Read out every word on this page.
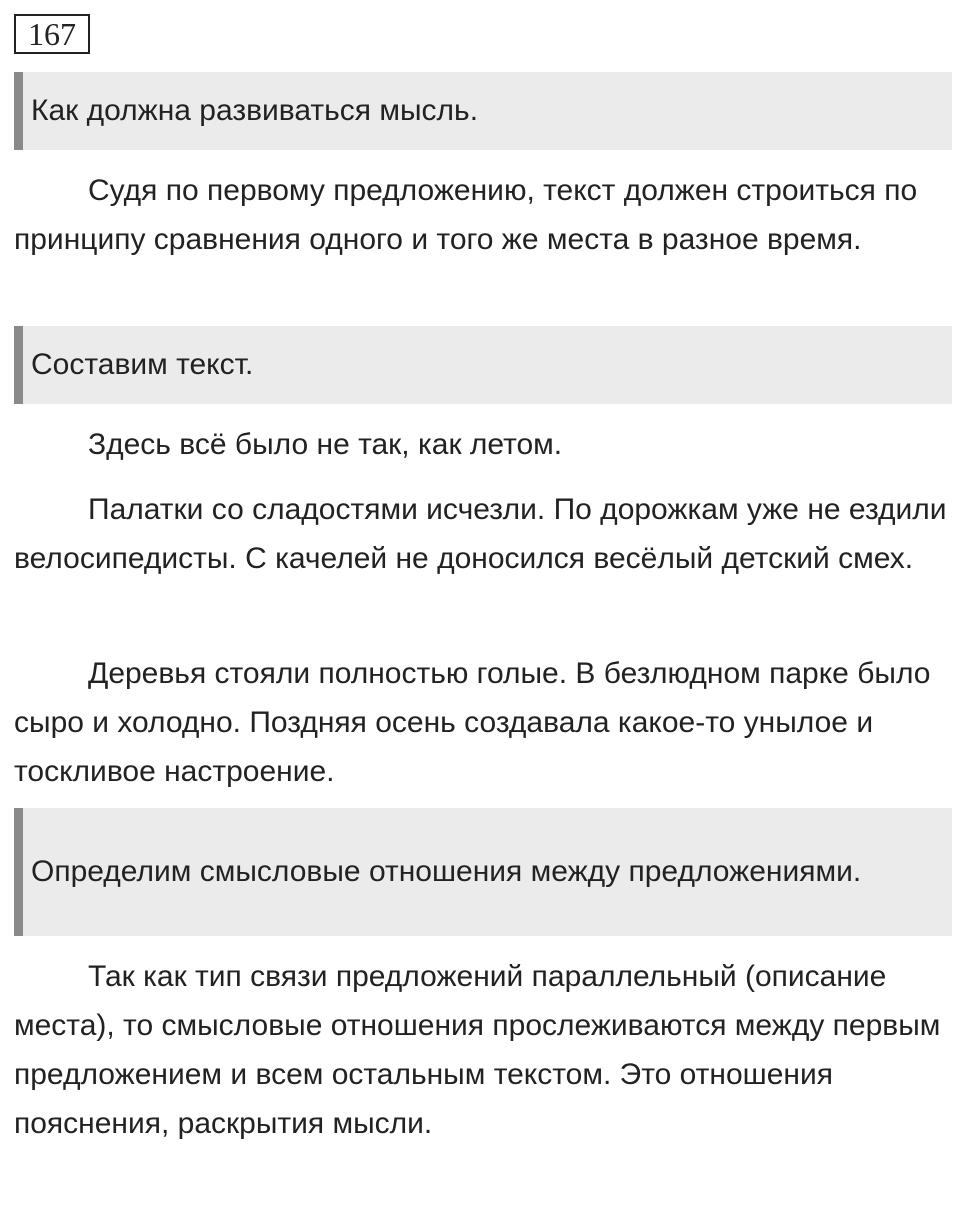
167
Как должна развиваться мысль.

Судя по первому предложению, текст должен строиться по принципу сравнения одного и того же места в разное время.

Составим текст.

Здесь всё было не так, как летом.

Палатки со сладостями исчезли. По дорожкам уже не ездили велосипедисты. С качелей не доносился весёлый детский смех.

Деревья стояли полностью голые. В безлюдном парке было сыро и холодно. Поздняя осень создавала какое-то унылое и тоскливое настроение.

Определим смысловые отношения между предложениями.

Так как тип связи предложений параллельный (описание места), то смысловые отношения прослеживаются между первым предложением и всем остальным текстом. Это отношения пояснения, раскрытия мысли.
